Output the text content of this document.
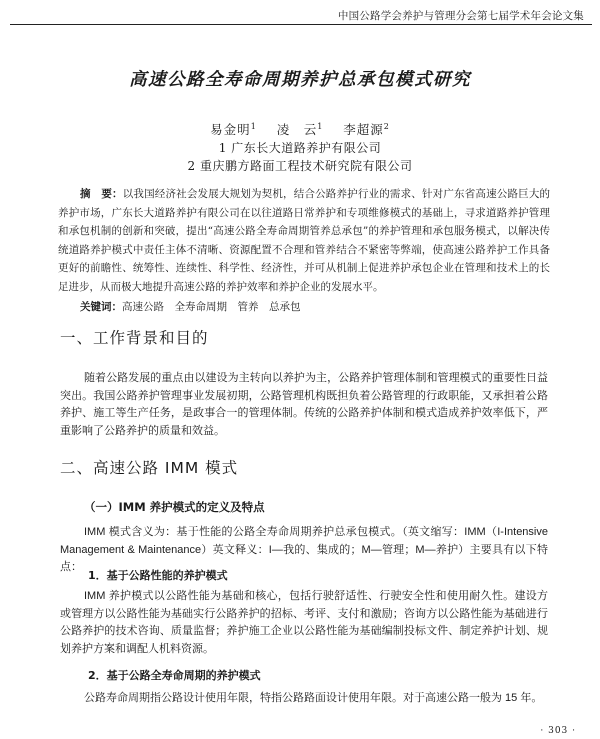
中国公路学会养护与管理分会第七届学术年会论文集
高速公路全寿命周期养护总承包模式研究
易金明$^1$ 凌　云$^1$ 李超源$^2$
1 广东长大道路养护有限公司
2 重庆鹏方路面工程技术研究院有限公司
摘　要：以我国经济社会发展大规划为契机，结合公路养护行业的需求、针对广东省高速公路巨大的养护市场，广东长大道路养护有限公司在以往道路日常养护和专项维修模式的基础上，寻求道路养护管理和承包机制的创新和突破，提出“高速公路全寿命周期管养总承包”的养护管理和承包服务模式，以解决传统道路养护模式中责任主体不清晰、资源配置不合理和管养结合不紧密等弊端，使高速公路养护工作具备更好的前瞻性、统筹性、连续性、科学性、经济性，并可从机制上促进养护承包企业在管理和技术上的长足进步，从而极大地提升高速公路的养护效率和养护企业的发展水平。
关键词：高速公路　全寿命周期　管养　总承包
一、工作背景和目的
随着公路发展的重点由以建设为主转向以养护为主，公路养护管理体制和管理模式的重要性日益突出。我国公路养护管理事业发展初期，公路管理机构既担负着公路管理的行政职能，又承担着公路养护、施工等生产任务，是政事合一的管理体制。传统的公路养护体制和模式造成养护效率低下，严重影响了公路养护的质量和效益。
二、高速公路 IMM 模式
（一）IMM 养护模式的定义及特点
IMM 模式含义为：基于性能的公路全寿命周期养护总承包模式。（英文缩写：IMM（I-Intensive Management & Maintenance）英文释义：I—我的、集成的；M—管理；M—养护）主要具有以下特点：
1．基于公路性能的养护模式
IMM 养护模式以公路性能为基础和核心，包括行驶舒适性、行驶安全性和使用耐久性。建设方或管理方以公路性能为基础实行公路养护的招标、考评、支付和激励；咨询方以公路性能为基础进行公路养护的技术咨询、质量监督；养护施工企业以公路性能为基础编制投标文件、制定养护计划、规划养护方案和调配人机料资源。
2．基于公路全寿命周期的养护模式
公路寿命周期指公路设计使用年限，特指公路路面设计使用年限。对于高速公路一般为 15 年。
· 303 ·
